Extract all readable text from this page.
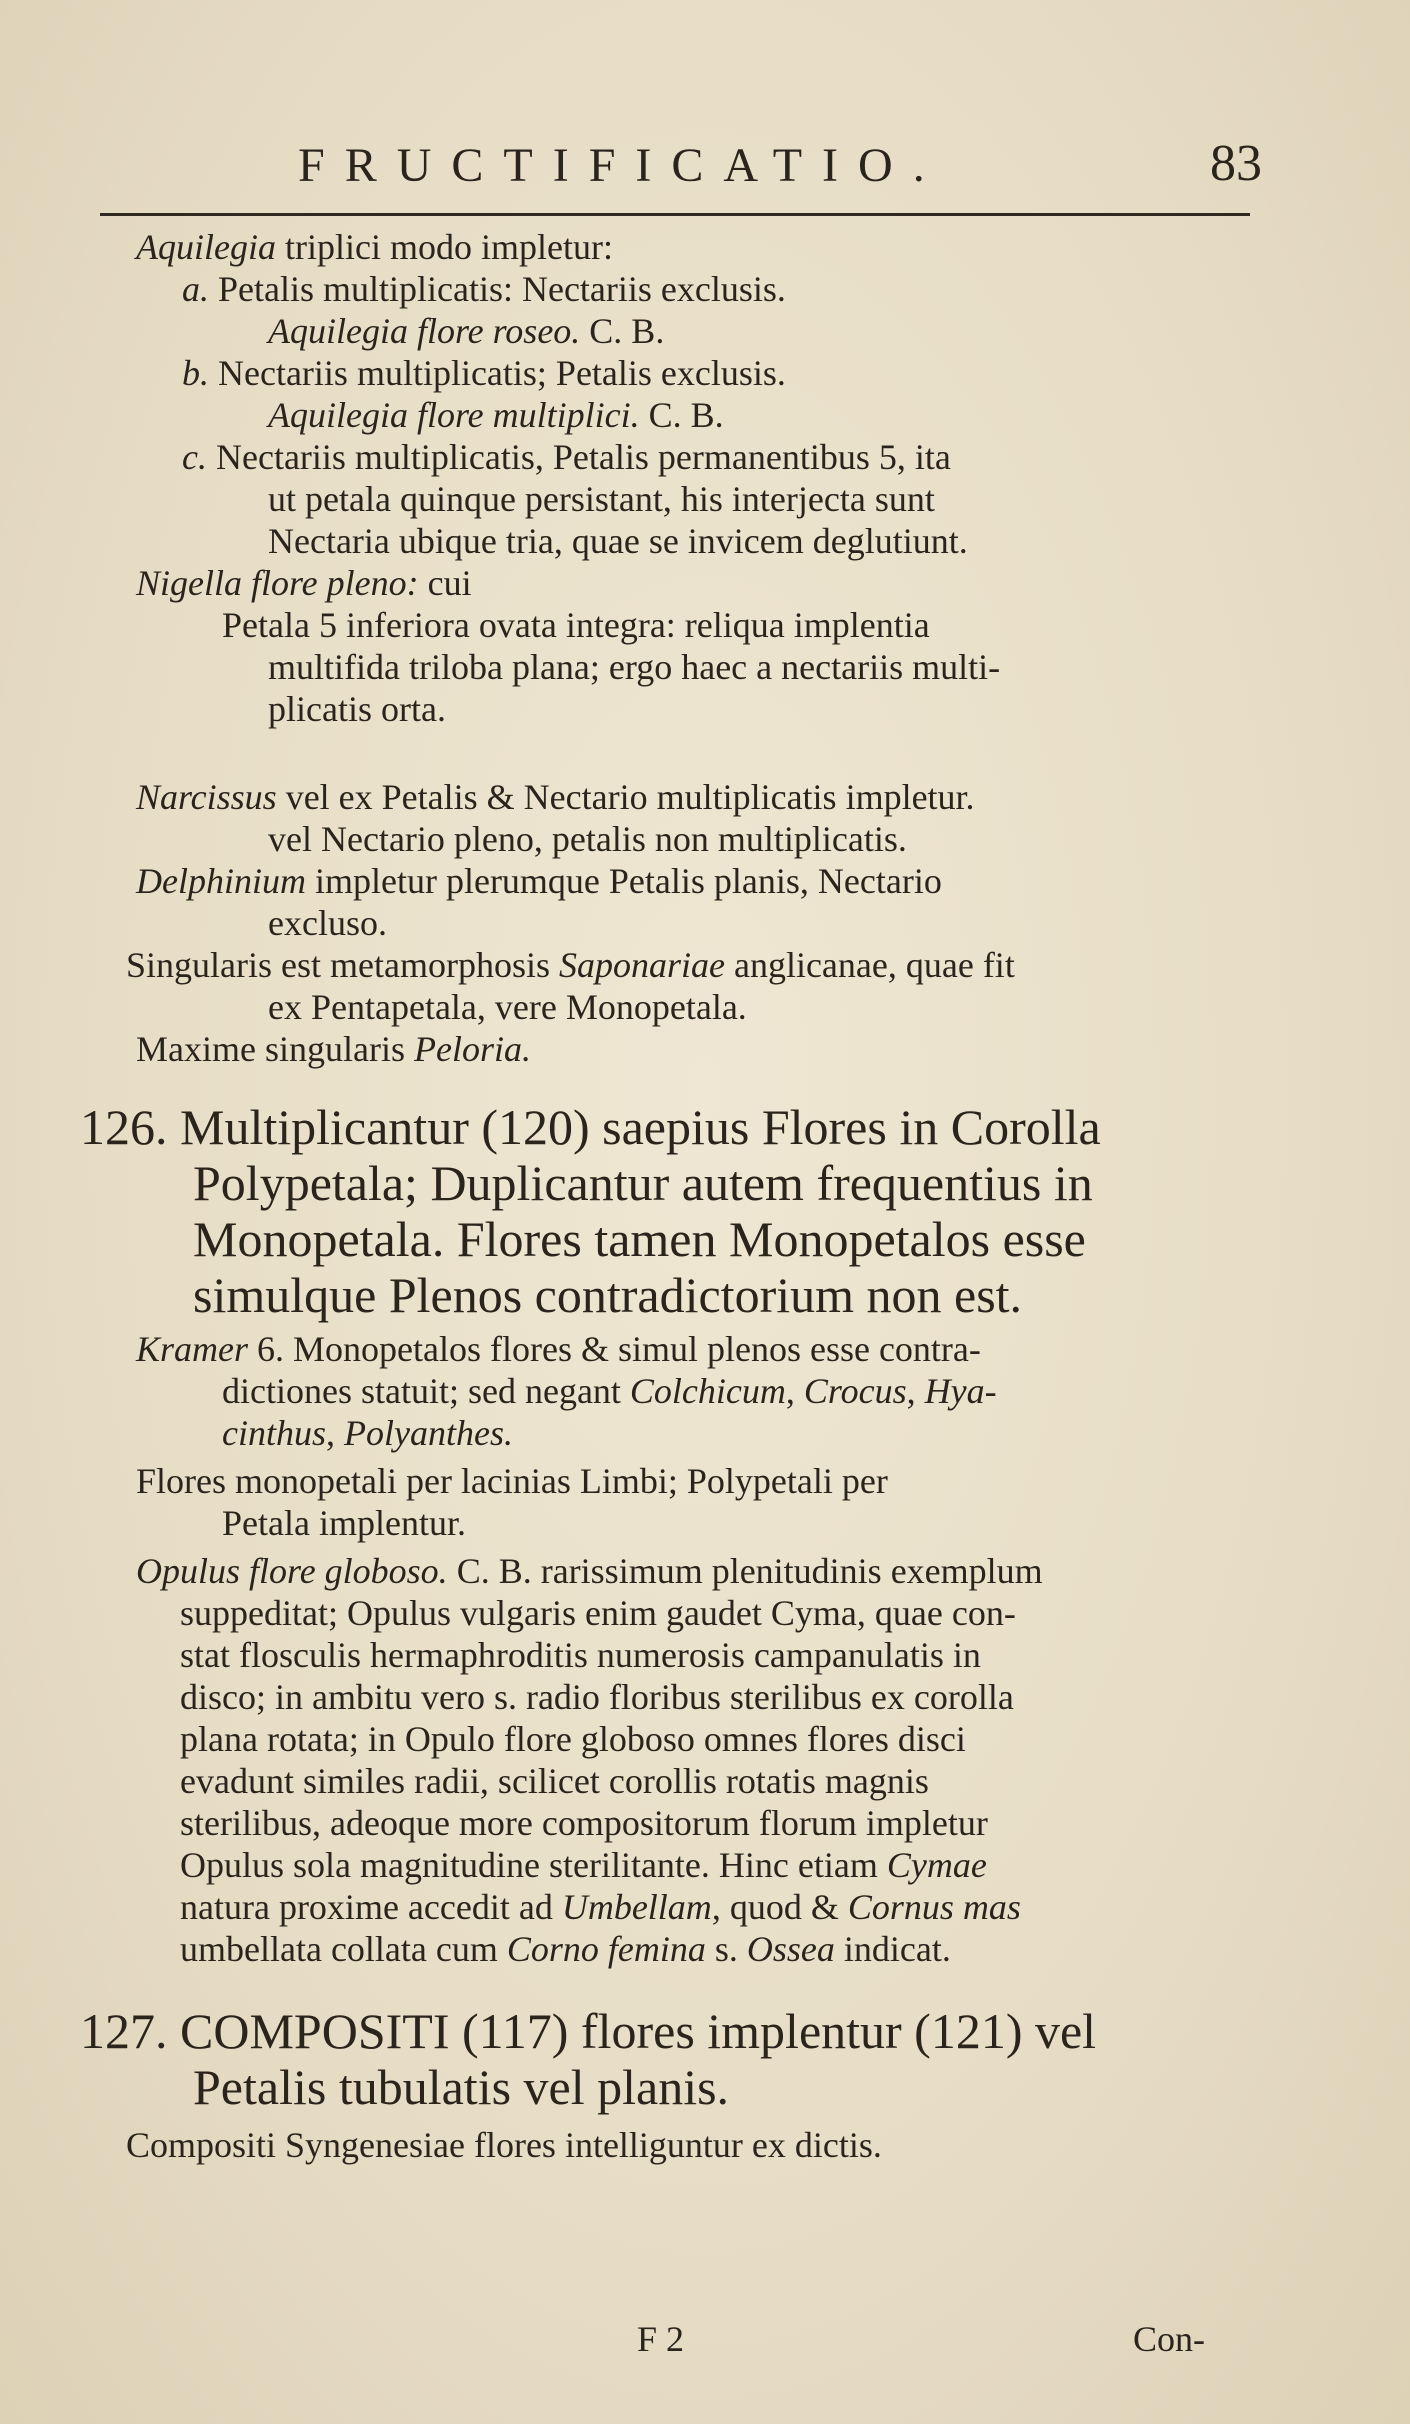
FRUCTIFICATIO.	83
Aquilegia triplici modo impletur:
a. Petalis multiplicatis: Nectariis exclusis.
Aquilegia flore roseo. C. B.
b. Nectariis multiplicatis; Petalis exclusis.
Aquilegia flore multiplici. C. B.
c. Nectariis multiplicatis, Petalis permanentibus 5, ita
ut petala quinque persistant, his interjecta sunt
Nectaria ubique tria, quae se invicem deglutiunt.
Nigella flore pleno: cui
Petala 5 inferiora ovata integra: reliqua implentia
multifida triloba plana; ergo haec a nectariis multi-
plicatis orta.
Narcissus vel ex Petalis & Nectario multiplicatis impletur.
vel Nectario pleno, petalis non multiplicatis.
Delphinium impletur plerumque Petalis planis, Nectario
excluso.
Singularis est metamorphosis Saponariae anglicanae, quae fit
ex Pentapetala, vere Monopetala.
Maxime singularis Peloria.
126. Multiplicantur (120) saepius Flores in Corolla
Polypetala; Duplicantur autem frequentius in
Monopetala. Flores tamen Monopetalos esse
simulque Plenos contradictorium non est.
Kramer 6. Monopetalos flores & simul plenos esse contra-
dictiones statuit; sed negant Colchicum, Crocus, Hya-
cinthus, Polyanthes.
Flores monopetali per lacinias Limbi; Polypetali per
Petala implentur.
Opulus flore globoso. C. B. rarissimum plenitudinis exemplum
suppeditat; Opulus vulgaris enim gaudet Cyma, quae con-
stat flosculis hermaphroditis numerosis campanulatis in
disco; in ambitu vero s. radio floribus sterilibus ex corolla
plana rotata; in Opulo flore globoso omnes flores disci
evadunt similes radii, scilicet corollis rotatis magnis
sterilibus, adeoque more compositorum florum impletur
Opulus sola magnitudine sterilitante. Hinc etiam Cymae
natura proxime accedit ad Umbellam, quod & Cornus mas
umbellata collata cum Corno femina s. Ossea indicat.
127. COMPOSITI (117) flores implentur (121) vel
Petalis tubulatis vel planis.
Compositi Syngenesiae flores intelliguntur ex dictis.
F 2	Con-
